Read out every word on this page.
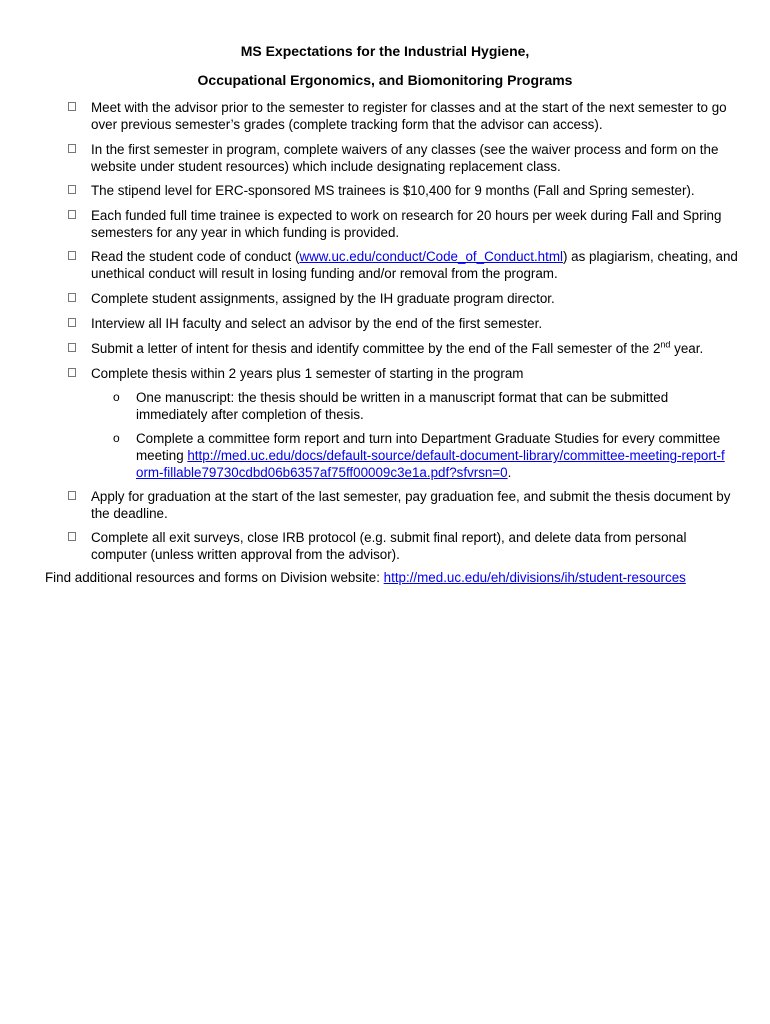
MS Expectations for the Industrial Hygiene,
Occupational Ergonomics, and Biomonitoring Programs
Meet with the advisor prior to the semester to register for classes and at the start of the next semester to go over previous semester’s grades (complete tracking form that the advisor can access).
In the first semester in program, complete waivers of any classes (see the waiver process and form on the website under student resources) which include designating replacement class.
The stipend level for ERC-sponsored MS trainees is $10,400 for 9 months (Fall and Spring semester).
Each funded full time trainee is expected to work on research for 20 hours per week during Fall and Spring semesters for any year in which funding is provided.
Read the student code of conduct (www.uc.edu/conduct/Code_of_Conduct.html) as plagiarism, cheating, and unethical conduct will result in losing funding and/or removal from the program.
Complete student assignments, assigned by the IH graduate program director.
Interview all IH faculty and select an advisor by the end of the first semester.
Submit a letter of intent for thesis and identify committee by the end of the Fall semester of the 2nd year.
Complete thesis within 2 years plus 1 semester of starting in the program
o	One manuscript: the thesis should be written in a manuscript format that can be submitted immediately after completion of thesis.
o	Complete a committee form report and turn into Department Graduate Studies for every committee meeting http://med.uc.edu/docs/default-source/default-document-library/committee-meeting-report-form-fillable79730cdbd06b6357af75ff00009c3e1a.pdf?sfvrsn=0.
Apply for graduation at the start of the last semester, pay graduation fee, and submit the thesis document by the deadline.
Complete all exit surveys, close IRB protocol (e.g. submit final report), and delete data from personal computer (unless written approval from the advisor).
Find additional resources and forms on Division website: http://med.uc.edu/eh/divisions/ih/student-resources
